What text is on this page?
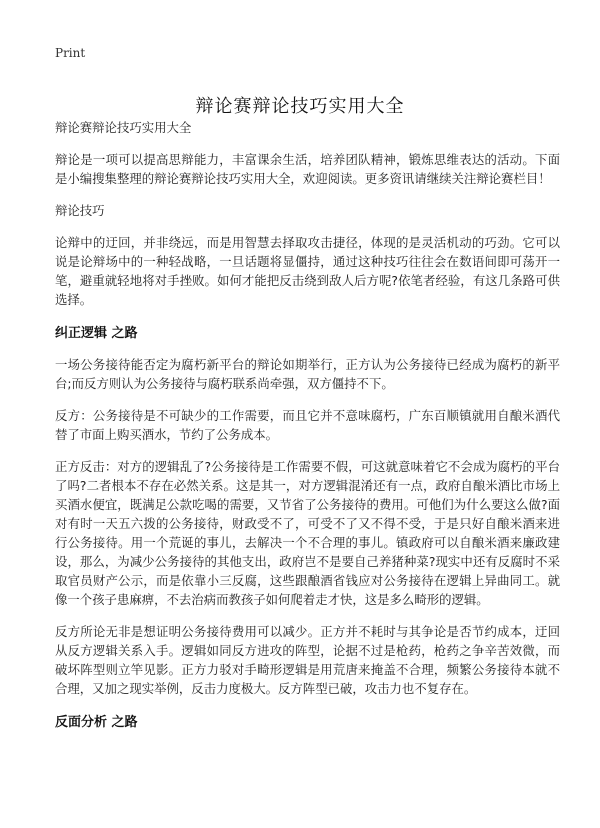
Print
辩论赛辩论技巧实用大全

辩论赛辩论技巧实用大全

辩论是一项可以提高思辩能力，丰富课余生活，培养团队精神，锻炼思维表达的活动。下面是小编搜集整理的辩论赛辩论技巧实用大全，欢迎阅读。更多资讯请继续关注辩论赛栏目！

辩论技巧

论辩中的迂回，并非绕远，而是用智慧去择取攻击捷径，体现的是灵活机动的巧劲。它可以说是论辩场中的一种轻战略，一旦话题将显僵持，通过这种技巧往往会在数语间即可荡开一笔，避重就轻地将对手挫败。如何才能把反击绕到敌人后方呢?依笔者经验，有这几条路可供选择。

纠正逻辑 之路

一场公务接待能否定为腐朽新平台的辩论如期举行，正方认为公务接待已经成为腐朽的新平台;而反方则认为公务接待与腐朽联系尚牵强，双方僵持不下。

反方：公务接待是不可缺少的工作需要，而且它并不意味腐朽，广东百顺镇就用自酿米酒代替了市面上购买酒水，节约了公务成本。

正方反击：对方的逻辑乱了?公务接待是工作需要不假，可这就意味着它不会成为腐朽的平台了吗?二者根本不存在必然关系。这是其一，对方逻辑混淆还有一点，政府自酿米酒比市场上买酒水便宜，既满足公款吃喝的需要，又节省了公务接待的费用。可他们为什么要这么做?面对有时一天五六拨的公务接待，财政受不了，可受不了又不得不受，于是只好自酿米酒来进行公务接待。用一个荒诞的事儿，去解决一个不合理的事儿。镇政府可以自酿米酒来廉政建设，那么，为减少公务接待的其他支出，政府岂不是要自己养猪种菜?现实中还有反腐时不采取官员财产公示，而是依靠小三反腐，这些跟酿酒省钱应对公务接待在逻辑上异曲同工。就像一个孩子患麻痹，不去治病而教孩子如何爬着走才快，这是多么畸形的逻辑。

反方所论无非是想证明公务接待费用可以减少。正方并不耗时与其争论是否节约成本，迂回从反方逻辑关系入手。逻辑如同反方进攻的阵型，论据不过是枪药，枪药之争辛苦效微，而破坏阵型则立竿见影。正方力驳对手畸形逻辑是用荒唐来掩盖不合理，频繁公务接待本就不合理，又加之现实举例，反击力度极大。反方阵型已破，攻击力也不复存在。

反面分析 之路
